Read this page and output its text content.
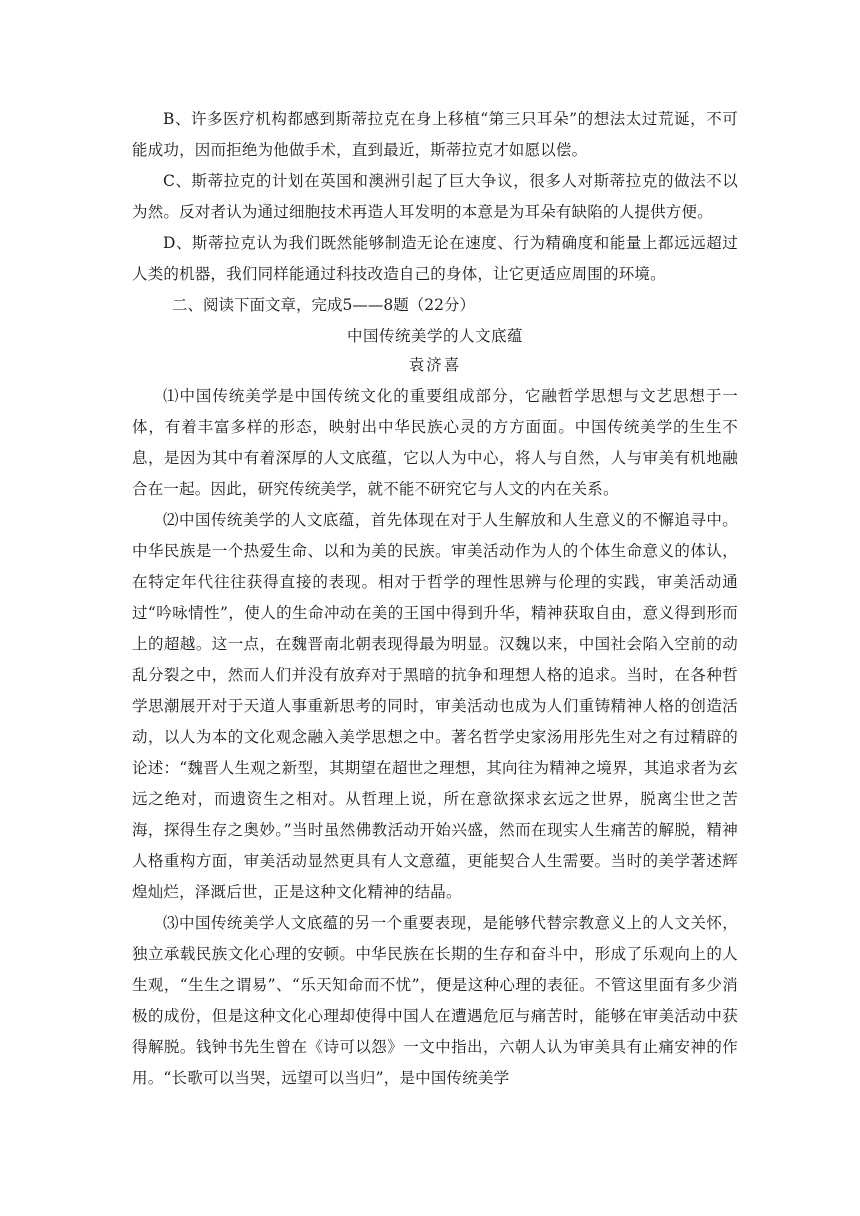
B、许多医疗机构都感到斯蒂拉克在身上移植“第三只耳朵”的想法太过荒诞，不可能成功，因而拒绝为他做手术，直到最近，斯蒂拉克才如愿以偿。

C、斯蒂拉克的计划在英国和澳洲引起了巨大争议，很多人对斯蒂拉克的做法不以为然。反对者认为通过细胞技术再造人耳发明的本意是为耳朵有缺陷的人提供方便。

D、斯蒂拉克认为我们既然能够制造无论在速度、行为精确度和能量上都远远超过人类的机器，我们同样能通过科技改造自己的身体，让它更适应周围的环境。

二、阅读下面文章，完成5——8题（22分）

中国传统美学的人文底蕴

袁济喜

⑴中国传统美学是中国传统文化的重要组成部分，它融哲学思想与文艺思想于一体，有着丰富多样的形态，映射出中华民族心灵的方方面面。中国传统美学的生生不息，是因为其中有着深厚的人文底蕴，它以人为中心，将人与自然，人与审美有机地融合在一起。因此，研究传统美学，就不能不研究它与人文的内在关系。

⑵中国传统美学的人文底蕴，首先体现在对于人生解放和人生意义的不懈追寻中。中华民族是一个热爱生命、以和为美的民族。审美活动作为人的个体生命意义的体认，在特定年代往往获得直接的表现。相对于哲学的理性思辨与伦理的实践，审美活动通过“吟咏情性”，使人的生命冲动在美的王国中得到升华，精神获取自由，意义得到形而上的超越。这一点，在魏晋南北朝表现得最为明显。汉魏以来，中国社会陷入空前的动乱分裂之中，然而人们并没有放弃对于黑暗的抗争和理想人格的追求。当时，在各种哲学思潮展开对于天道人事重新思考的同时，审美活动也成为人们重铸精神人格的创造活动，以人为本的文化观念融入美学思想之中。著名哲学史家汤用彤先生对之有过精辟的论述：“魏晋人生观之新型，其期望在超世之理想，其向往为精神之境界，其追求者为玄远之绝对，而遗资生之相对。从哲理上说，所在意欲探求玄远之世界，脱离尘世之苦海，探得生存之奥妙。”当时虽然佛教活动开始兴盛，然而在现实人生痛苦的解脱，精神人格重构方面，审美活动显然更具有人文意蕴，更能契合人生需要。当时的美学著述辉煌灿烂，泽溉后世，正是这种文化精神的结晶。

⑶中国传统美学人文底蕴的另一个重要表现，是能够代替宗教意义上的人文关怀，独立承载民族文化心理的安顿。中华民族在长期的生存和奋斗中，形成了乐观向上的人生观，“生生之谓易”、“乐天知命而不忧”，便是这种心理的表征。不管这里面有多少消极的成份，但是这种文化心理却使得中国人在遭遇危厄与痛苦时，能够在审美活动中获得解脱。钱钟书先生曾在《诗可以怨》一文中指出，六朝人认为审美具有止痛安神的作用。“长歌可以当哭，远望可以当归”，是中国传统美学
